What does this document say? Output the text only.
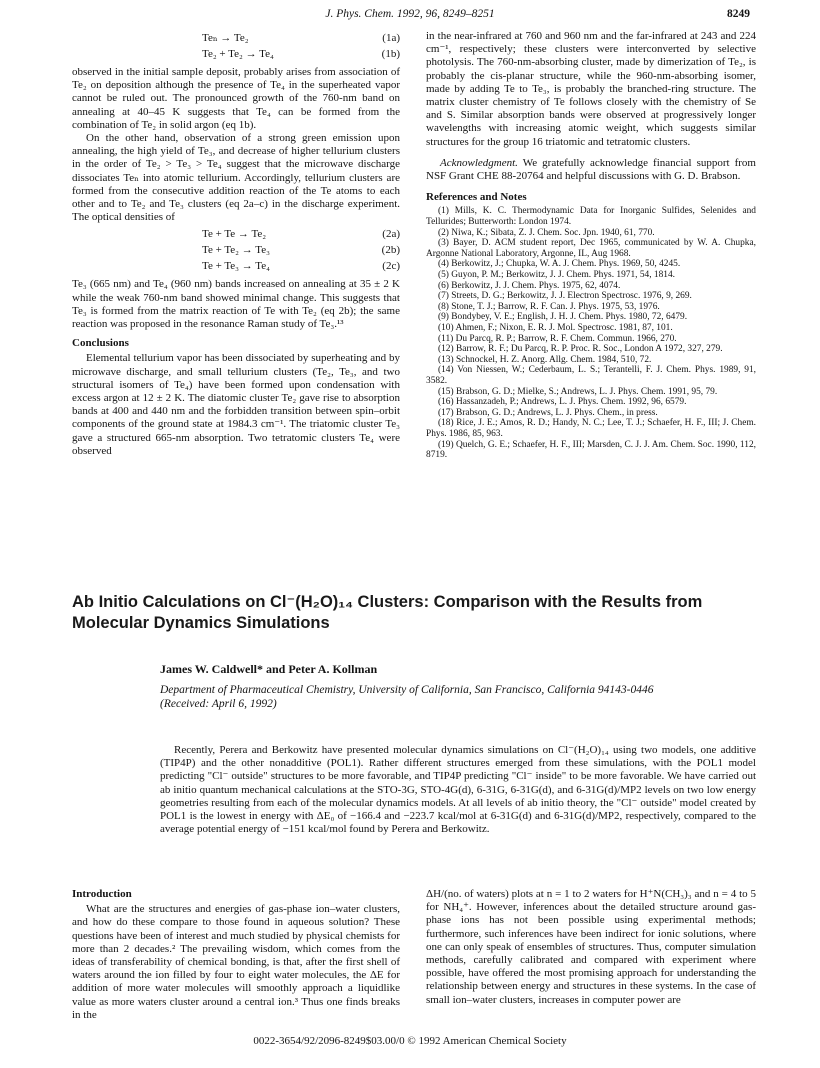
J. Phys. Chem. 1992, 96, 8249–8251	8249
Teₙ → Te₂	(1a)
Te₂ + Te₂ → Te₄	(1b)

observed in the initial sample deposit, probably arises from association of Te₂ on deposition although the presence of Te₄ in the superheated vapor cannot be ruled out. The pronounced growth of the 760-nm band on annealing at 40–45 K suggests that Te₄ can be formed from the combination of Te₂ in solid argon (eq 1b).

On the other hand, observation of a strong green emission upon annealing, the high yield of Te₃, and decrease of higher tellurium clusters in the order of Te₂ > Te₃ > Te₄ suggest that the microwave discharge dissociates Teₙ into atomic tellurium. Accordingly, tellurium clusters are formed from the consecutive addition reaction of the Te atoms to each other and to Te₂ and Te₃ clusters (eq 2a–c) in the discharge experiment. The optical densities of

Te + Te → Te₂	(2a)
Te + Te₂ → Te₃	(2b)
Te + Te₃ → Te₄	(2c)

Te₃ (665 nm) and Te₄ (960 nm) bands increased on annealing at 35 ± 2 K while the weak 760-nm band showed minimal change. This suggests that Te₃ is formed from the matrix reaction of Te with Te₂ (eq 2b); the same reaction was proposed in the resonance Raman study of Te₃.¹³

Conclusions

Elemental tellurium vapor has been dissociated by superheating and by microwave discharge, and small tellurium clusters (Te₂, Te₃, and two structural isomers of Te₄) have been formed upon condensation with excess argon at 12 ± 2 K. The diatomic cluster Te₂ gave rise to absorption bands at 400 and 440 nm and the forbidden transition between spin–orbit components of the ground state at 1984.3 cm⁻¹. The triatomic cluster Te₃ gave a structured 665-nm absorption. Two tetratomic clusters Te₄ were observed

in the near-infrared at 760 and 960 nm and the far-infrared at 243 and 224 cm⁻¹, respectively; these clusters were interconverted by selective photolysis. The 760-nm-absorbing cluster, made by dimerization of Te₂, is probably the cis-planar structure, while the 960-nm-absorbing isomer, made by adding Te to Te₃, is probably the branched-ring structure. The matrix cluster chemistry of Te follows closely with the chemistry of Se and S. Similar absorption bands were observed at progressively longer wavelengths with increasing atomic weight, which suggests similar structures for the group 16 triatomic and tetratomic clusters.

Acknowledgment. We gratefully acknowledge financial support from NSF Grant CHE 88-20764 and helpful discussions with G. D. Brabson.

References and Notes
(1) Mills, K. C. Thermodynamic Data for Inorganic Sulfides, Selenides and Tellurides; Butterworth: London 1974.
(2) Niwa, K.; Sibata, Z. J. Chem. Soc. Jpn. 1940, 61, 770.
(3) Bayer, D. ACM student report, Dec 1965, communicated by W. A. Chupka, Argonne National Laboratory, Argonne, IL, Aug 1968.
(4) Berkowitz, J.; Chupka, W. A. J. Chem. Phys. 1969, 50, 4245.
(5) Guyon, P. M.; Berkowitz, J. J. Chem. Phys. 1971, 54, 1814.
(6) Berkowitz, J. J. Chem. Phys. 1975, 62, 4074.
(7) Streets, D. G.; Berkowitz, J. J. Electron Spectrosc. 1976, 9, 269.
(8) Stone, T. J.; Barrow, R. F. Can. J. Phys. 1975, 53, 1976.
(9) Bondybey, V. E.; English, J. H. J. Chem. Phys. 1980, 72, 6479.
(10) Ahmen, F.; Nixon, E. R. J. Mol. Spectrosc. 1981, 87, 101.
(11) Du Parcq, R. P.; Barrow, R. F. Chem. Commun. 1966, 270.
(12) Barrow, R. F.; Du Parcq, R. P. Proc. R. Soc., London A 1972, 327, 279.
(13) Schnockel, H. Z. Anorg. Allg. Chem. 1984, 510, 72.
(14) Von Niessen, W.; Cederbaum, L. S.; Terantelli, F. J. Chem. Phys. 1989, 91, 3582.
(15) Brabson, G. D.; Mielke, S.; Andrews, L. J. Phys. Chem. 1991, 95, 79.
(16) Hassanzadeh, P.; Andrews, L. J. Phys. Chem. 1992, 96, 6579.
(17) Brabson, G. D.; Andrews, L. J. Phys. Chem., in press.
(18) Rice, J. E.; Amos, R. D.; Handy, N. C.; Lee, T. J.; Schaefer, H. F., III; J. Chem. Phys. 1986, 85, 963.
(19) Quelch, G. E.; Schaefer, H. F., III; Marsden, C. J. J. Am. Chem. Soc. 1990, 112, 8719.
Ab Initio Calculations on Cl⁻(H₂O)₁₄ Clusters: Comparison with the Results from Molecular Dynamics Simulations
James W. Caldwell* and Peter A. Kollman
Department of Pharmaceutical Chemistry, University of California, San Francisco, California 94143-0446
(Received: April 6, 1992)
Recently, Perera and Berkowitz have presented molecular dynamics simulations on Cl⁻(H₂O)₁₄ using two models, one additive (TIP4P) and the other nonadditive (POL1). Rather different structures emerged from these simulations, with the POL1 model predicting "Cl⁻ outside" structures to be more favorable, and TIP4P predicting "Cl⁻ inside" to be more favorable. We have carried out ab initio quantum mechanical calculations at the STO-3G, STO-4G(d), 6-31G, 6-31G(d), and 6-31G(d)/MP2 levels on two low energy geometries resulting from each of the molecular dynamics models. At all levels of ab initio theory, the "Cl⁻ outside" model created by POL1 is the lowest in energy with ΔE₀ of −166.4 and −223.7 kcal/mol at 6-31G(d) and 6-31G(d)/MP2, respectively, compared to the average potential energy of −151 kcal/mol found by Perera and Berkowitz.
Introduction

What are the structures and energies of gas-phase ion–water clusters, and how do these compare to those found in aqueous solution? These questions have been of interest and much studied by physical chemists for more than 2 decades.² The prevailing wisdom, which comes from the ideas of transferability of chemical bonding, is that, after the first shell of waters around the ion filled by four to eight water molecules, the ΔE for addition of more water molecules will smoothly approach a liquidlike value as more waters cluster around a central ion.³ Thus one finds breaks in the

ΔH/(no. of waters) plots at n = 1 to 2 waters for H⁺N(CH₃)₃ and n = 4 to 5 for NH₄⁺. However, inferences about the detailed structure around gas-phase ions has not been possible using experimental methods; furthermore, such inferences have been indirect for ionic solutions, where one can only speak of ensembles of structures. Thus, computer simulation methods, carefully calibrated and compared with experiment where possible, have offered the most promising approach for understanding the relationship between energy and structures in these systems. In the case of small ion–water clusters, increases in computer power are

0022-3654/92/2096-8249$03.00/0 © 1992 American Chemical Society
